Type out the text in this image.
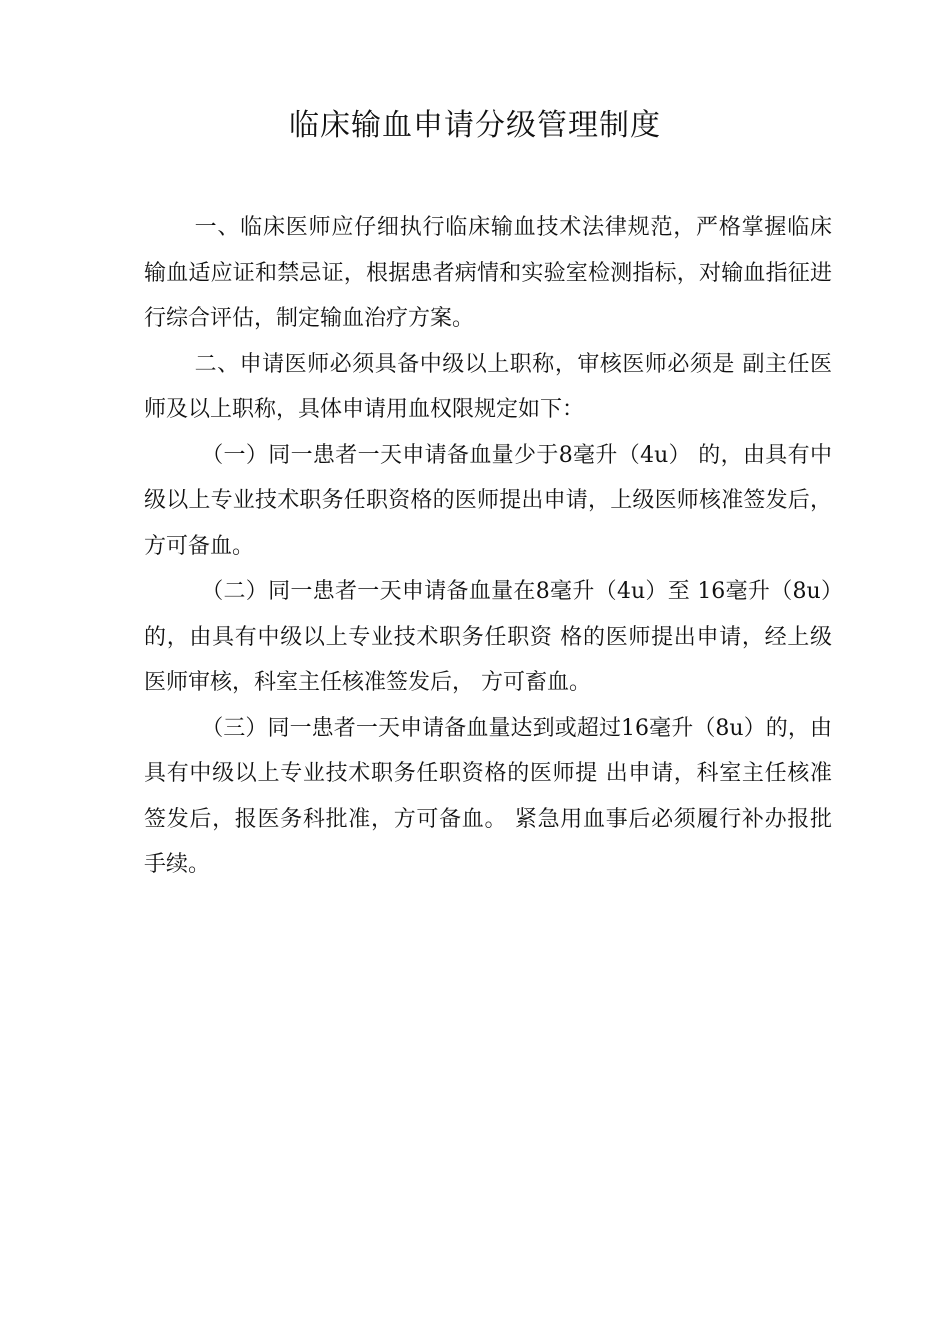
临床输血申请分级管理制度

一、临床医师应仔细执行临床输血技术法律规范，严格掌握临床输血适应证和禁忌证，根据患者病情和实验室检测指标，对输血指征进行综合评估，制定输血治疗方案。

二、申请医师必须具备中级以上职称，审核医师必须是 副主任医师及以上职称，具体申请用血权限规定如下：

（一）同一患者一天申请备血量少于8毫升（4u） 的，由具有中级以上专业技术职务任职资格的医师提出申请，上级医师核准签发后，方可备血。

（二）同一患者一天申请备血量在8毫升（4u）至 16毫升（8u）的，由具有中级以上专业技术职务任职资 格的医师提出申请，经上级医师审核，科室主任核准签发后， 方可畜血。

（三）同一患者一天申请备血量达到或超过16毫升（8u）的，由具有中级以上专业技术职务任职资格的医师提 出申请，科室主任核准签发后，报医务科批准，方可备血。 紧急用血事后必须履行补办报批手续。
